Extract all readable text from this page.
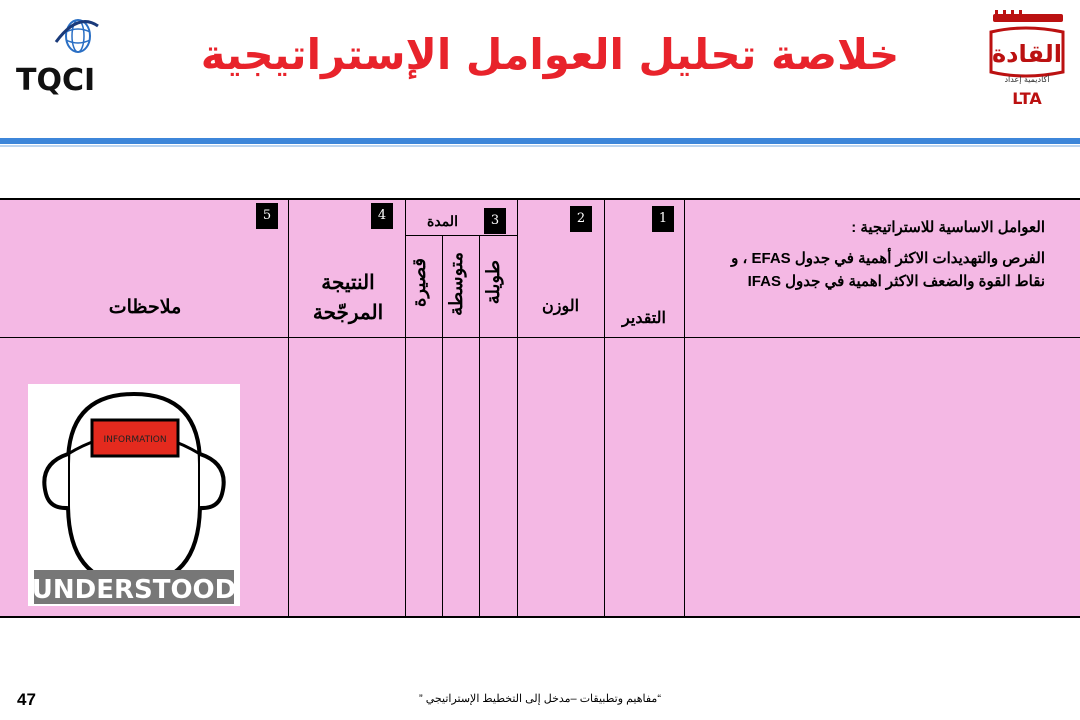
TQCI
خلاصة تحليل العوامل الإستراتيجية	القادة
أكاديمية إعداد
LTA
1
2
3
4
5
العوامل الاساسية للاستراتيجية :
الفرص والتهديدات الاكثر أهمية في جدول EFAS ، و نقاط القوة والضعف الاكثر اهمية في جدول IFAS
التقدير
الوزن
المدة
طويلة
متوسطة
قصيرة
النتيجة المرجّحة
ملاحظات
INFORMATION
UNDERSTOOD
47	“مفاهيم وتطبيقات –مدخل إلى التخطيط الإستراتيجي ”
